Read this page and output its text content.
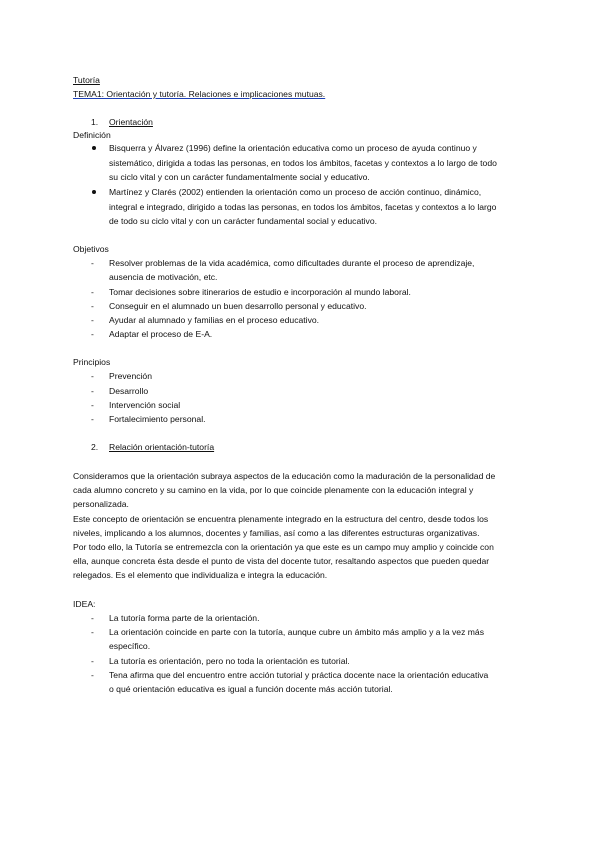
Tutoría
TEMA1: Orientación y tutoría. Relaciones e implicaciones mutuas.
1. Orientación
Definición
Bisquerra y Álvarez (1996) define la orientación educativa como un proceso de ayuda continuo y
sistemático, dirigida a todas las personas, en todos los ámbitos, facetas y contextos a lo largo de todo
su ciclo vital y con un carácter fundamentalmente social y educativo.
Martínez y Clarés (2002) entienden la orientación como un proceso de acción continuo, dinámico,
integral e integrado, dirigido a todas las personas, en todos los ámbitos, facetas y contextos a lo largo
de todo su ciclo vital y con un carácter fundamental social y educativo.
Objetivos
- Resolver problemas de la vida académica, como dificultades durante el proceso de aprendizaje,
ausencia de motivación, etc.
- Tomar decisiones sobre itinerarios de estudio e incorporación al mundo laboral.
- Conseguir en el alumnado un buen desarrollo personal y educativo.
- Ayudar al alumnado y familias en el proceso educativo.
- Adaptar el proceso de E-A.
Principios
- Prevención
- Desarrollo
- Intervención social
- Fortalecimiento personal.
2. Relación orientación-tutoría
Consideramos que la orientación subraya aspectos de la educación como la maduración de la personalidad de
cada alumno concreto y su camino en la vida, por lo que coincide plenamente con la educación integral y
personalizada.
Este concepto de orientación se encuentra plenamente integrado en la estructura del centro, desde todos los
niveles, implicando a los alumnos, docentes y familias, así como a las diferentes estructuras organizativas.
Por todo ello, la Tutoría se entremezcla con la orientación ya que este es un campo muy amplio y coincide con
ella, aunque concreta ésta desde el punto de vista del docente tutor, resaltando aspectos que pueden quedar
relegados. Es el elemento que individualiza e integra la educación.
IDEA:
- La tutoría forma parte de la orientación.
- La orientación coincide en parte con la tutoría, aunque cubre un ámbito más amplio y a la vez más
específico.
- La tutoría es orientación, pero no toda la orientación es tutorial.
- Tena afirma que del encuentro entre acción tutorial y práctica docente nace la orientación educativa
o qué orientación educativa es igual a función docente más acción tutorial.
